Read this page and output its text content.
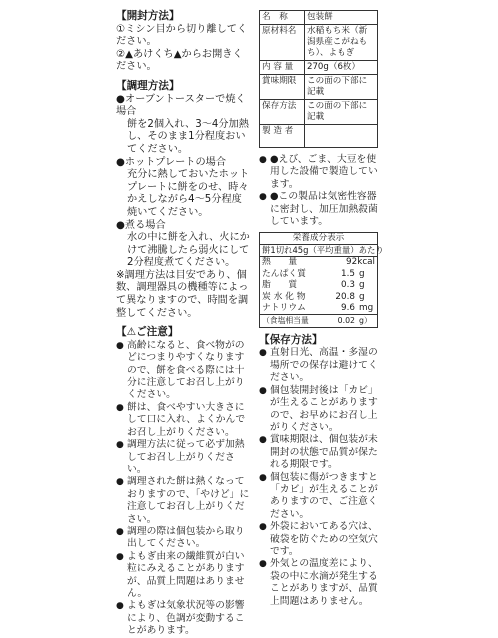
【開封方法】

①ミシン目から切り離してください。

②▲あけくち▲からお開きください。

【調理方法】

●オーブントースターで焼く場合

餅を2個入れ、3〜4分加熱し、そのまま1分程度おいてください。

●ホットプレートの場合

充分に熱しておいたホットプレートに餅をのせ、時々かえしながら4〜5分程度焼いてください。

●煮る場合

水の中に餅を入れ、火にかけて沸騰したら弱火にして2分程度煮てください。

※調理方法は目安であり、個数、調理器具の機種等によって異なりますので、時間を調整してください。

【⚠ご注意】
● 高齢になると、食べ物がのどにつまりやすくなりますので、餅を食べる際には十分に注意してお召し上がりください。
● 餅は、食べやすい大きさにして口に入れ、よくかんでお召し上がりください。
● 調理方法に従って必ず加熱してお召し上がりください。
● 調理された餅は熱くなっておりますので、「やけど」に注意してお召し上がりください。
● 調理の際は個包装から取り出してください。
● よもぎ由来の繊維質が白い粒にみえることがありますが、品質上問題はありません。
● よもぎは気象状況等の影響により、色調が変動することがあります。
名　称	包装餅
原材料名	水稲もち米（新潟県産こがねもち）、よもぎ
内 容 量	270g（6枚）
賞味期限	この面の下部に記載
保存方法	この面の下部に記載
製 造 者	
● ●えび、ごま、大豆を使用した設備で製造しています。
● ●この製品は気密性容器に密封し、加圧加熱殺菌しています。
栄養成分表示
餅1切れ45g（平均重量）あたり
熱　　量	92kcal	
たんぱく質	1.5	g
脂　　質	0.3	g
炭 水 化 物	20.8	g
ナトリウム	9.6	mg
（食塩相当量	0.02	g）
【保存方法】
● 直射日光、高温・多湿の場所での保存は避けてください。
● 個包装開封後は「カビ」が生えることがありますので、お早めにお召し上がりください。
● 賞味期限は、個包装が未開封の状態で品質が保たれる期限です。
● 個包装に傷がつきますと「カビ」が生えることがありますので、ご注意ください。
● 外袋においてある穴は、破袋を防ぐための空気穴です。
● 外気との温度差により、袋の中に水滴が発生することがありますが、品質上問題はありません。
